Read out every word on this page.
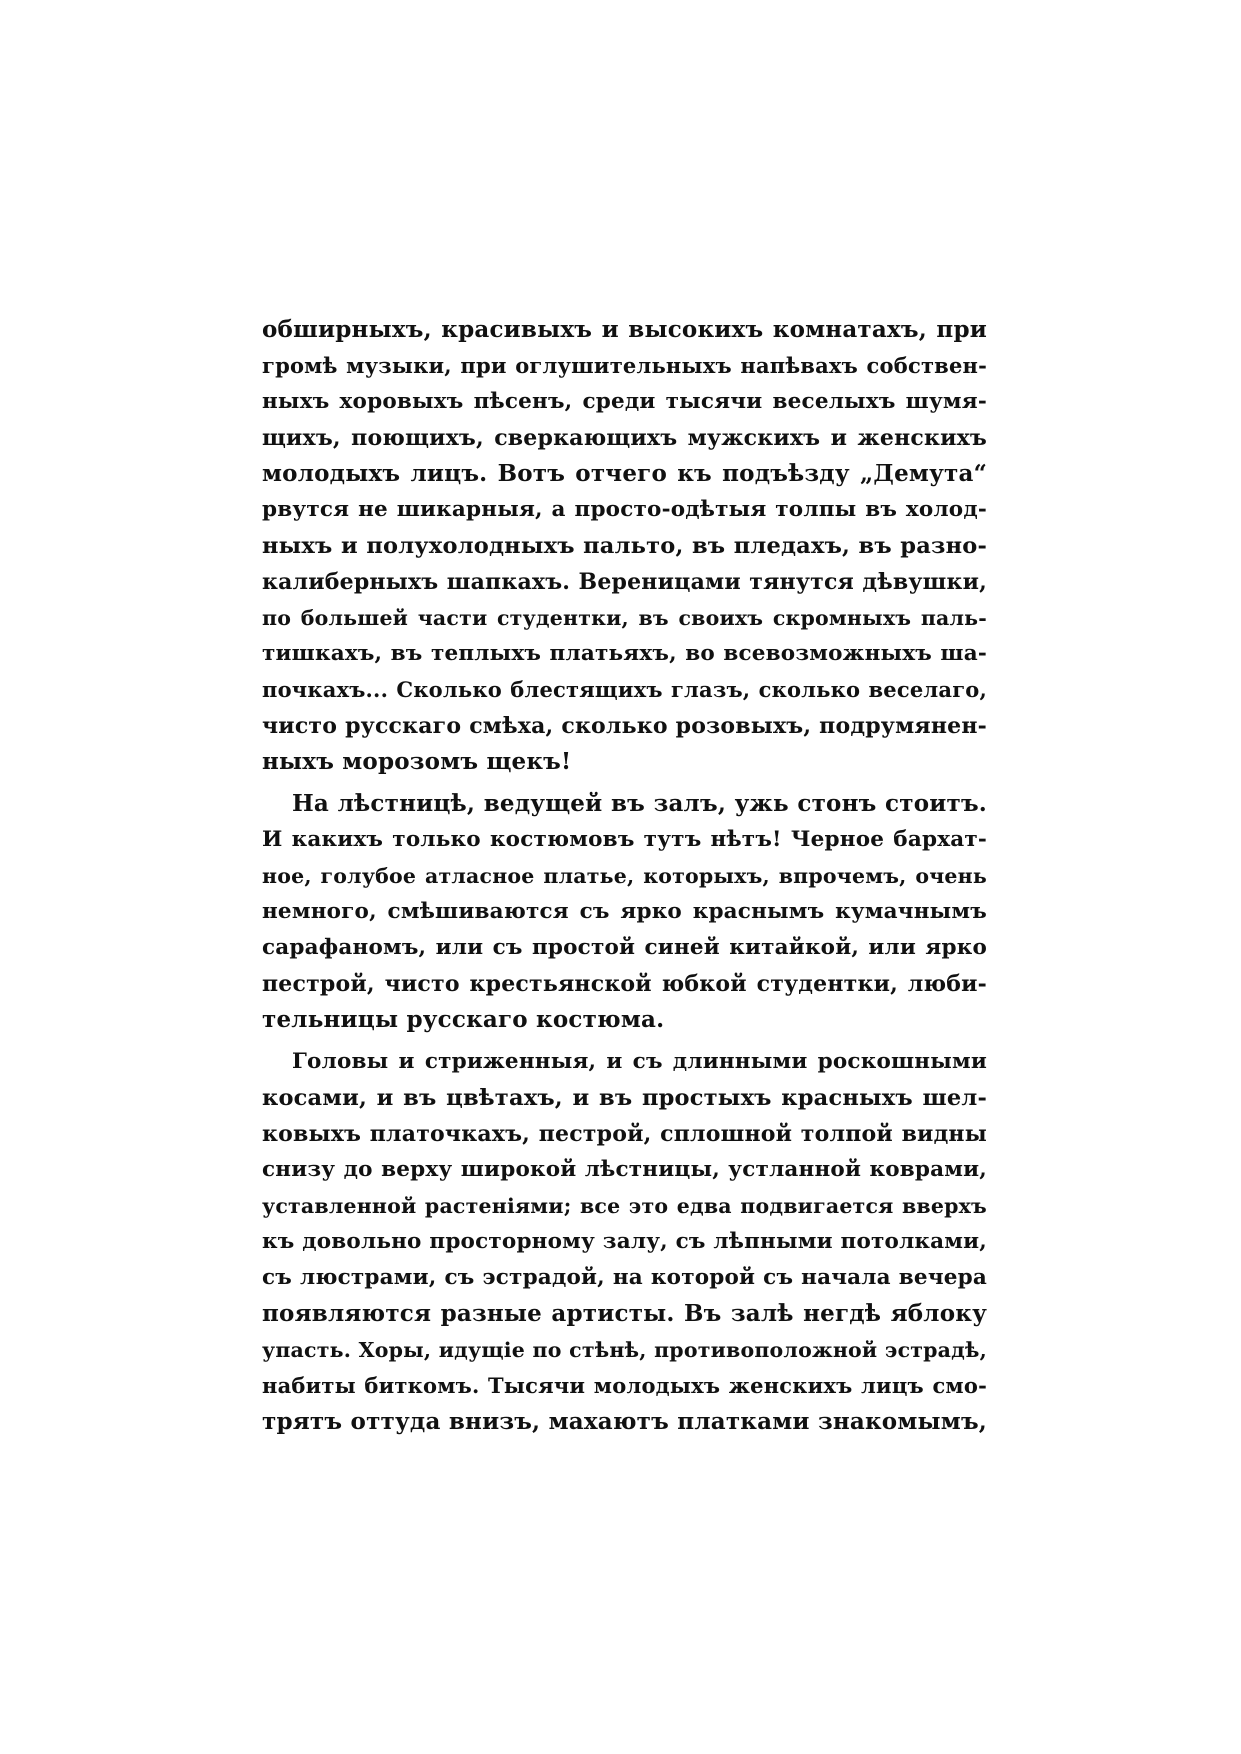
обширныхъ, красивыхъ и высокихъ комнатахъ, при
громѣ музыки, при оглушительныхъ напѣвахъ собствен-
ныхъ хоровыхъ пѣсенъ, среди тысячи веселыхъ шумя-
щихъ, поющихъ, сверкающихъ мужскихъ и женскихъ
молодыхъ лицъ. Вотъ отчего къ подъѣзду „Демута“
рвутся не шикарныя, а просто-одѣтыя толпы въ холод-
ныхъ и полухолодныхъ пальто, въ пледахъ, въ разно-
калиберныхъ шапкахъ. Вереницами тянутся дѣвушки,
по большей части студентки, въ своихъ скромныхъ паль-
тишкахъ, въ теплыхъ платьяхъ, во всевозможныхъ ша-
почкахъ... Сколько блестящихъ глазъ, сколько веселаго,
чисто русскаго смѣха, сколько розовыхъ, подрумянен-
ныхъ морозомъ щекъ!
На лѣстницѣ, ведущей въ залъ, ужь стонъ стоитъ.
И какихъ только костюмовъ тутъ нѣтъ! Черное бархат-
ное, голубое атласное платье, которыхъ, впрочемъ, очень
немного, смѣшиваются съ ярко краснымъ кумачнымъ
сарафаномъ, или съ простой синей китайкой, или ярко
пестрой, чисто крестьянской юбкой студентки, люби-
тельницы русскаго костюма.
Головы и стриженныя, и съ длинными роскошными
косами, и въ цвѣтахъ, и въ простыхъ красныхъ шел-
ковыхъ платочкахъ, пестрой, сплошной толпой видны
снизу до верху широкой лѣстницы, устланной коврами,
уставленной растеніями; все это едва подвигается вверхъ
къ довольно просторному залу, съ лѣпными потолками,
съ люстрами, съ эстрадой, на которой съ начала вечера
появляются разные артисты. Въ залѣ негдѣ яблоку
упасть. Хоры, идущіе по стѣнѣ, противоположной эстрадѣ,
набиты биткомъ. Тысячи молодыхъ женскихъ лицъ смо-
трятъ оттуда внизъ, махаютъ платками знакомымъ,
